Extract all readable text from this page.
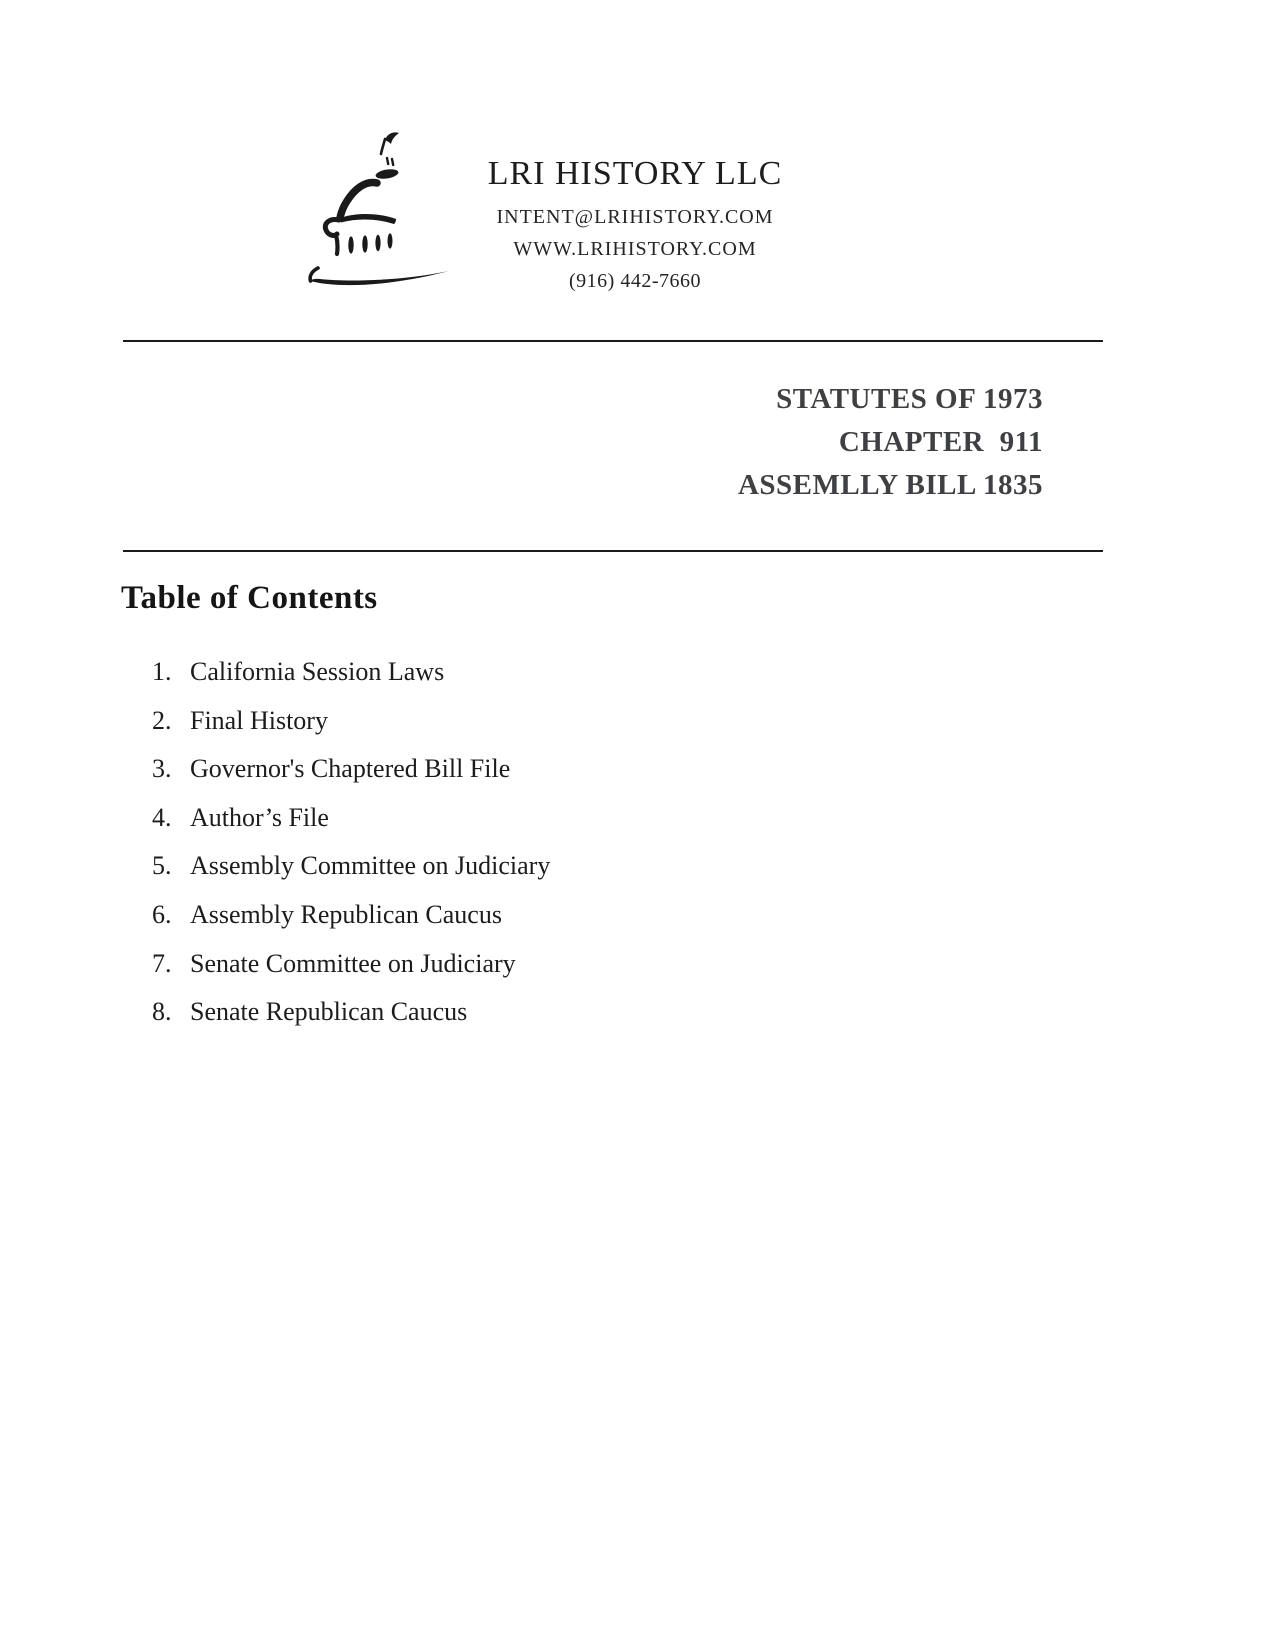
LRI HISTORY LLC
INTENT@LRIHISTORY.COM
WWW.LRIHISTORY.COM
(916) 442-7660
STATUTES OF 1973
CHAPTER  911
ASSEMLLY BILL 1835
Table of Contents
1. California Session Laws
2. Final History
3. Governor's Chaptered Bill File
4. Author’s File
5. Assembly Committee on Judiciary
6. Assembly Republican Caucus
7. Senate Committee on Judiciary
8. Senate Republican Caucus
